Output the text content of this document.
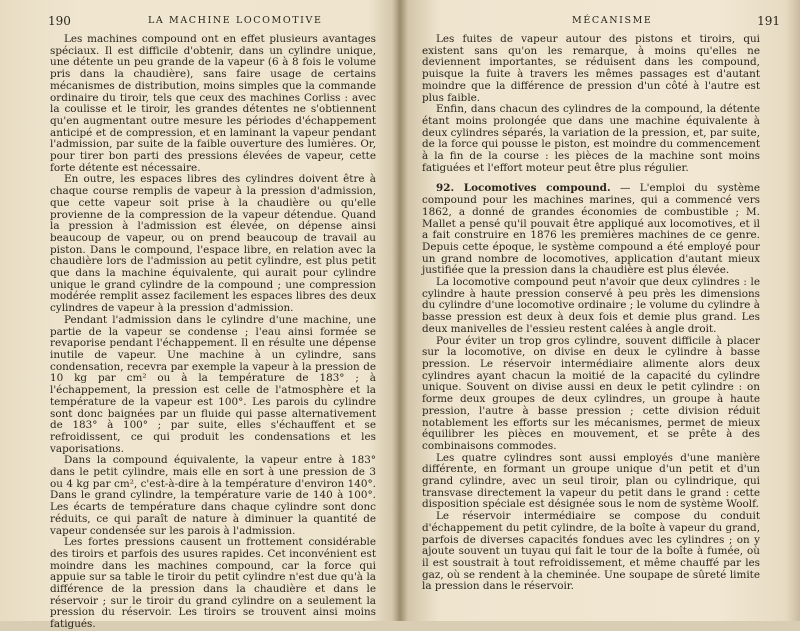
190	LA MACHINE LOCOMOTIVE

Les machines compound ont en effet plusieurs avantages spéciaux. Il est difficile d'obtenir, dans un cylindre unique, une détente un peu grande de la vapeur (6 à 8 fois le volume pris dans la chaudière), sans faire usage de certains mécanismes de distribution, moins simples que la commande ordinaire du tiroir, tels que ceux des machines Corliss : avec la coulisse et le tiroir, les grandes détentes ne s'obtiennent qu'en augmentant outre mesure les périodes d'échappement anticipé et de compression, et en laminant la vapeur pendant l'admission, par suite de la faible ouverture des lumières. Or, pour tirer bon parti des pressions élevées de vapeur, cette forte détente est nécessaire.

En outre, les espaces libres des cylindres doivent être à chaque course remplis de vapeur à la pression d'admission, que cette vapeur soit prise à la chaudière ou qu'elle provienne de la compression de la vapeur détendue. Quand la pression à l'admission est élevée, on dépense ainsi beaucoup de vapeur, ou on prend beaucoup de travail au piston. Dans le compound, l'espace libre, en relation avec la chaudière lors de l'admission au petit cylindre, est plus petit que dans la machine équivalente, qui aurait pour cylindre unique le grand cylindre de la compound ; une compression modérée remplit assez facilement les espaces libres des deux cylindres de vapeur à la pression d'admission.

Pendant l'admission dans le cylindre d'une machine, une partie de la vapeur se condense ; l'eau ainsi formée se revaporise pendant l'échappement. Il en résulte une dépense inutile de vapeur. Une machine à un cylindre, sans condensation, recevra par exemple la vapeur à la pression de 10 kg par cm² ou à la température de 183° ; à l'échappement, la pression est celle de l'atmosphère et la température de la vapeur est 100°. Les parois du cylindre sont donc baignées par un fluide qui passe alternativement de 183° à 100° ; par suite, elles s'échauffent et se refroidissent, ce qui produit les condensations et les vaporisations.

Dans la compound équivalente, la vapeur entre à 183° dans le petit cylindre, mais elle en sort à une pression de 3 ou 4 kg par cm², c'est-à-dire à la température d'environ 140°. Dans le grand cylindre, la température varie de 140 à 100°. Les écarts de température dans chaque cylindre sont donc réduits, ce qui paraît de nature à diminuer la quantité de vapeur condensée sur les parois à l'admission.

Les fortes pressions causent un frottement considérable des tiroirs et parfois des usures rapides. Cet inconvénient est moindre dans les machines compound, car la force qui appuie sur sa table le tiroir du petit cylindre n'est due qu'à la différence de la pression dans la chaudière et dans le réservoir ; sur le tiroir du grand cylindre on a seulement la pression du réservoir. Les tiroirs se trouvent ainsi moins fatigués.

MÉCANISME	191

Les fuites de vapeur autour des pistons et tiroirs, qui existent sans qu'on les remarque, à moins qu'elles ne deviennent importantes, se réduisent dans les compound, puisque la fuite à travers les mêmes passages est d'autant moindre que la différence de pression d'un côté à l'autre est plus faible.

Enfin, dans chacun des cylindres de la compound, la détente étant moins prolongée que dans une machine équivalente à deux cylindres séparés, la variation de la pression, et, par suite, de la force qui pousse le piston, est moindre du commencement à la fin de la course : les pièces de la machine sont moins fatiguées et l'effort moteur peut être plus régulier.

92. Locomotives compound. — L'emploi du système compound pour les machines marines, qui a commencé vers 1862, a donné de grandes économies de combustible ; M. Mallet a pensé qu'il pouvait être appliqué aux locomotives, et il a fait construire en 1876 les premières machines de ce genre. Depuis cette époque, le système compound a été employé pour un grand nombre de locomotives, application d'autant mieux justifiée que la pression dans la chaudière est plus élevée.

La locomotive compound peut n'avoir que deux cylindres : le cylindre à haute pression conservé à peu près les dimensions du cylindre d'une locomotive ordinaire ; le volume du cylindre à basse pression est deux à deux fois et demie plus grand. Les deux manivelles de l'essieu restent calées à angle droit.

Pour éviter un trop gros cylindre, souvent difficile à placer sur la locomotive, on divise en deux le cylindre à basse pression. Le réservoir intermédiaire alimente alors deux cylindres ayant chacun la moitié de la capacité du cylindre unique. Souvent on divise aussi en deux le petit cylindre : on forme deux groupes de deux cylindres, un groupe à haute pression, l'autre à basse pression ; cette division réduit notablement les efforts sur les mécanismes, permet de mieux équilibrer les pièces en mouvement, et se prête à des combinaisons commodes.

Les quatre cylindres sont aussi employés d'une manière différente, en formant un groupe unique d'un petit et d'un grand cylindre, avec un seul tiroir, plan ou cylindrique, qui transvase directement la vapeur du petit dans le grand : cette disposition spéciale est désignée sous le nom de système Woolf.

Le réservoir intermédiaire se compose du conduit d'échappement du petit cylindre, de la boîte à vapeur du grand, parfois de diverses capacités fondues avec les cylindres ; on y ajoute souvent un tuyau qui fait le tour de la boîte à fumée, où il est soustrait à tout refroidissement, et même chauffé par les gaz, où se rendent à la cheminée. Une soupape de sûreté limite la pression dans le réservoir.
